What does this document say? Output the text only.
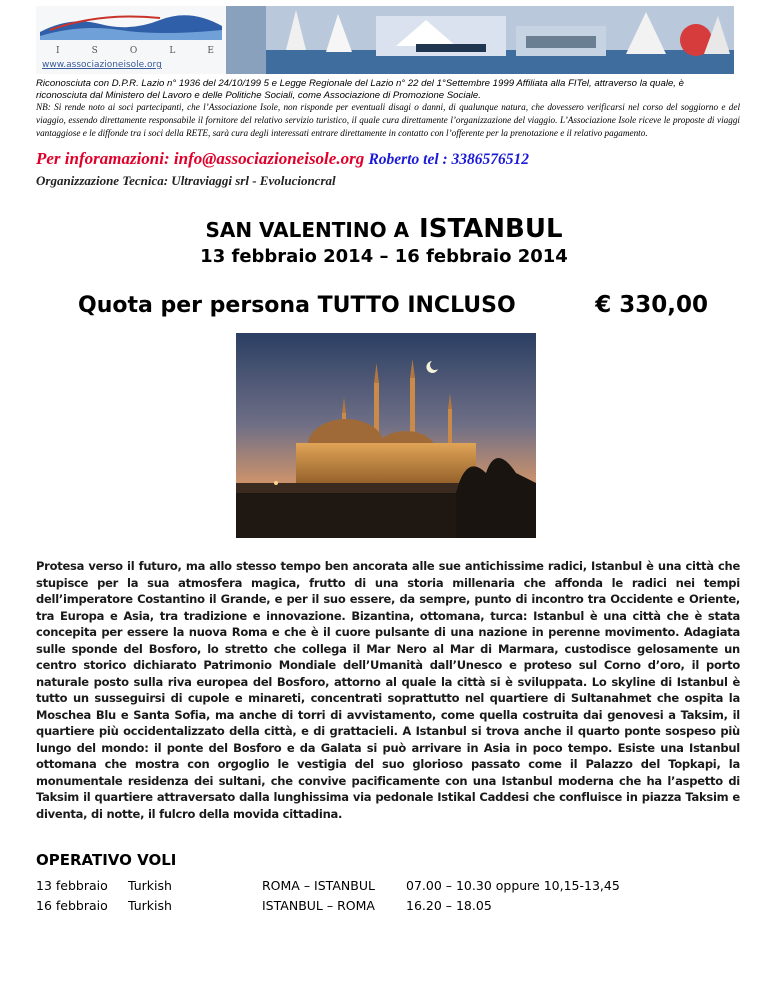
I	S	O	L	E
www.associazioneisole.org
Riconosciuta con D.P.R. Lazio n° 1936 del 24/10/199 5 e Legge Regionale del Lazio n° 22 del 1°Settembre 1999 Affiliata alla FITel, attraverso la quale, è riconosciuta dal Ministero del Lavoro e delle Politiche Sociali, come Associazione di Promozione Sociale.
NB: Si rende noto ai soci partecipanti, che l’Associazione Isole, non risponde per eventuali disagi o danni, di qualunque natura, che dovessero verificarsi nel corso del soggiorno e del viaggio, essendo direttamente responsabile il fornitore del relativo servizio turistico, il quale cura direttamente l’organizzazione del viaggio. L’Associazione Isole riceve le proposte di viaggi vantaggiose e le diffonde tra i soci della RETE, sarà cura degli interessati entrare direttamente in contatto con l’offerente per la prenotazione e il relativo pagamento.
Per inforamazioni: info@associazioneisole.org Roberto tel : 3386576512
Organizzazione Tecnica: Ultraviaggi srl - Evolucioncral
SAN VALENTINO A ISTANBUL
13 febbraio 2014 – 16 febbraio 2014
Quota per persona TUTTO INCLUSO	€ 330,00
Protesa verso il futuro, ma allo stesso tempo ben ancorata alle sue antichissime radici, Istanbul è una città che stupisce per la sua atmosfera magica, frutto di una storia millenaria che affonda le radici nei tempi dell’imperatore Costantino il Grande, e per il suo essere, da sempre, punto di incontro tra Occidente e Oriente, tra Europa e Asia, tra tradizione e innovazione. Bizantina, ottomana, turca: Istanbul è una città che è stata concepita per essere la nuova Roma e che è il cuore pulsante di una nazione in perenne movimento. Adagiata sulle sponde del Bosforo, lo stretto che collega il Mar Nero al Mar di Marmara, custodisce gelosamente un centro storico dichiarato Patrimonio Mondiale dell’Umanità dall’Unesco e proteso sul Corno d’oro, il porto naturale posto sulla riva europea del Bosforo, attorno al quale la città si è sviluppata. Lo skyline di Istanbul è tutto un susseguirsi di cupole e minareti, concentrati soprattutto nel quartiere di Sultanahmet che ospita la Moschea Blu e Santa Sofia, ma anche di torri di avvistamento, come quella costruita dai genovesi a Taksim, il quartiere più occidentalizzato della città, e di grattacieli. A Istanbul si trova anche il quarto ponte sospeso più lungo del mondo: il ponte del Bosforo e da Galata si può arrivare in Asia in poco tempo. Esiste una Istanbul ottomana che mostra con orgoglio le vestigia del suo glorioso passato come il Palazzo del Topkapi, la monumentale residenza dei sultani, che convive pacificamente con una Istanbul moderna che ha l’aspetto di Taksim il quartiere attraversato dalla lunghissima via pedonale Istikal Caddesi che confluisce in piazza Taksim e diventa, di notte, il fulcro della movida cittadina.
OPERATIVO VOLI
13 febbraio Turkish	ROMA – ISTANBUL 07.00 – 10.30 oppure 10,15-13,45
16 febbraio Turkish	ISTANBUL – ROMA 16.20 – 18.05
